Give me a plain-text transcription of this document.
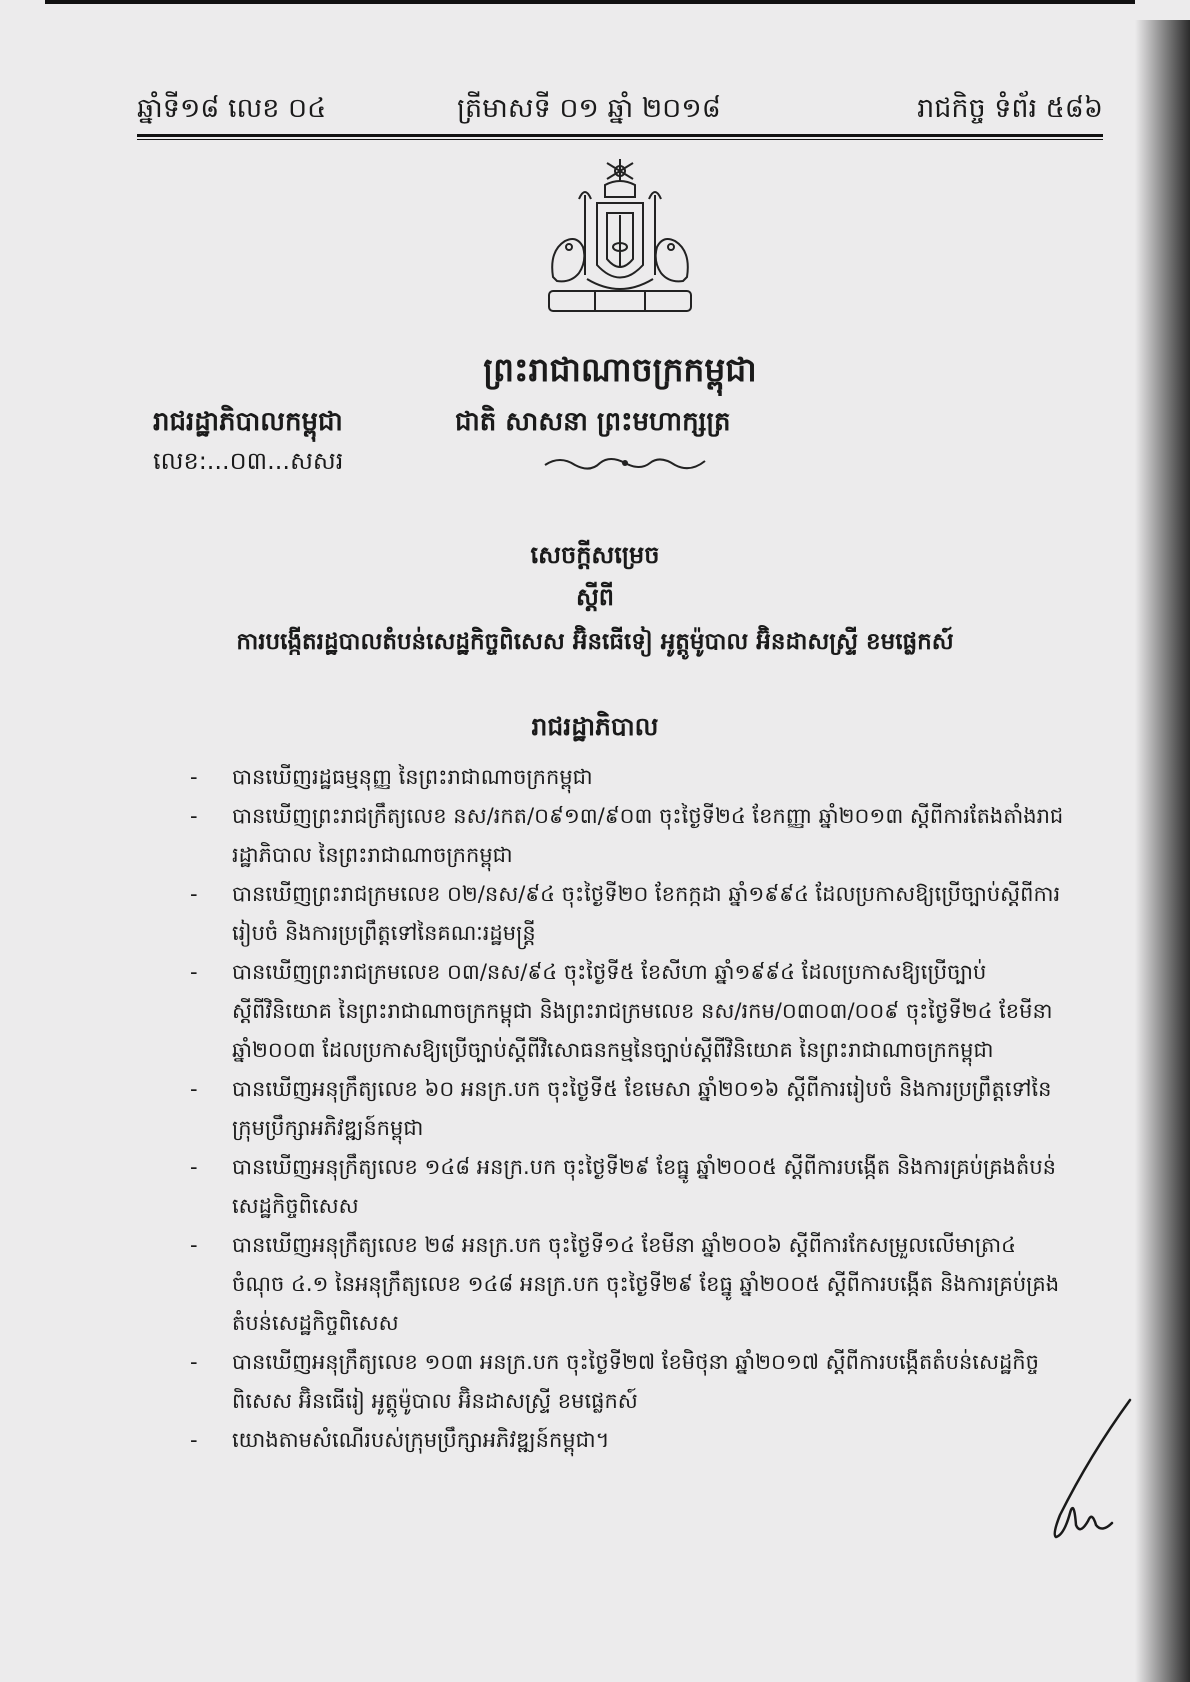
ឆ្នាំទី១៨ លេខ ០៤	ត្រីមាសទី ០១ ឆ្នាំ ២០១៨	រាជកិច្ច ទំព័រ ៥៨៦
ព្រះរាជាណាចក្រកម្ពុជា
រាជរដ្ឋាភិបាលកម្ពុជា	ជាតិ សាសនា ព្រះមហាក្សត្រ
លេខ:...០៣...សសរ
សេចក្តីសម្រេច
ស្តីពី
ការបង្កើតរដ្ឋបាលតំបន់សេដ្ឋកិច្ចពិសេស អ៊ិនធើទៀ អូត្តូម៉ូបាល អ៊ិនដាសស្ទ្រី ខមផ្លេកស៍
រាជរដ្ឋាភិបាល
- បានឃើញរដ្ឋធម្មនុញ្ញ នៃព្រះរាជាណាចក្រកម្ពុជា
- បានឃើញព្រះរាជក្រឹត្យលេខ នស/រកត/០៩១៣/៩០៣ ចុះថ្ងៃទី២៤ ខែកញ្ញា ឆ្នាំ២០១៣ ស្តីពីការតែងតាំងរាជរដ្ឋាភិបាល នៃព្រះរាជាណាចក្រកម្ពុជា
- បានឃើញព្រះរាជក្រមលេខ ០២/នស/៩៤ ចុះថ្ងៃទី២០ ខែកក្កដា ឆ្នាំ១៩៩៤ ដែលប្រកាសឱ្យប្រើច្បាប់ស្តីពីការរៀបចំ និងការប្រព្រឹត្តទៅនៃគណៈរដ្ឋមន្ត្រី
- បានឃើញព្រះរាជក្រមលេខ ០៣/នស/៩៤ ចុះថ្ងៃទី៥ ខែសីហា ឆ្នាំ១៩៩៤ ដែលប្រកាសឱ្យប្រើច្បាប់ស្តីពីវិនិយោគ នៃព្រះរាជាណាចក្រកម្ពុជា និងព្រះរាជក្រមលេខ នស/រកម/០៣០៣/០០៩ ចុះថ្ងៃទី២៤ ខែមីនា ឆ្នាំ២០០៣ ដែលប្រកាសឱ្យប្រើច្បាប់ស្តីពីវិសោធនកម្មនៃច្បាប់ស្តីពីវិនិយោគ នៃព្រះរាជាណាចក្រកម្ពុជា
- បានឃើញអនុក្រឹត្យលេខ ៦០ អនក្រ.បក ចុះថ្ងៃទី៥ ខែមេសា ឆ្នាំ២០១៦ ស្តីពីការរៀបចំ និងការប្រព្រឹត្តទៅនៃក្រុមប្រឹក្សាអភិវឌ្ឍន៍កម្ពុជា
- បានឃើញអនុក្រឹត្យលេខ ១៤៨ អនក្រ.បក ចុះថ្ងៃទី២៩ ខែធ្នូ ឆ្នាំ២០០៥ ស្តីពីការបង្កើត និងការគ្រប់គ្រងតំបន់សេដ្ឋកិច្ចពិសេស
- បានឃើញអនុក្រឹត្យលេខ ២៨ អនក្រ.បក ចុះថ្ងៃទី១៤ ខែមីនា ឆ្នាំ២០០៦ ស្តីពីការកែសម្រួលលើមាត្រា៤ ចំណុច ៤.១ នៃអនុក្រឹត្យលេខ ១៤៨ អនក្រ.បក ចុះថ្ងៃទី២៩ ខែធ្នូ ឆ្នាំ២០០៥ ស្តីពីការបង្កើត និងការគ្រប់គ្រងតំបន់សេដ្ឋកិច្ចពិសេស
- បានឃើញអនុក្រឹត្យលេខ ១០៣ អនក្រ.បក ចុះថ្ងៃទី២៧ ខែមិថុនា ឆ្នាំ២០១៧ ស្តីពីការបង្កើតតំបន់សេដ្ឋកិច្ចពិសេស អ៊ិនធើរៀ អូត្តូម៉ូបាល អ៊ិនដាសស្ទ្រី ខមផ្លេកស៍
- យោងតាមសំណើរបស់ក្រុមប្រឹក្សាអភិវឌ្ឍន៍កម្ពុជា។
